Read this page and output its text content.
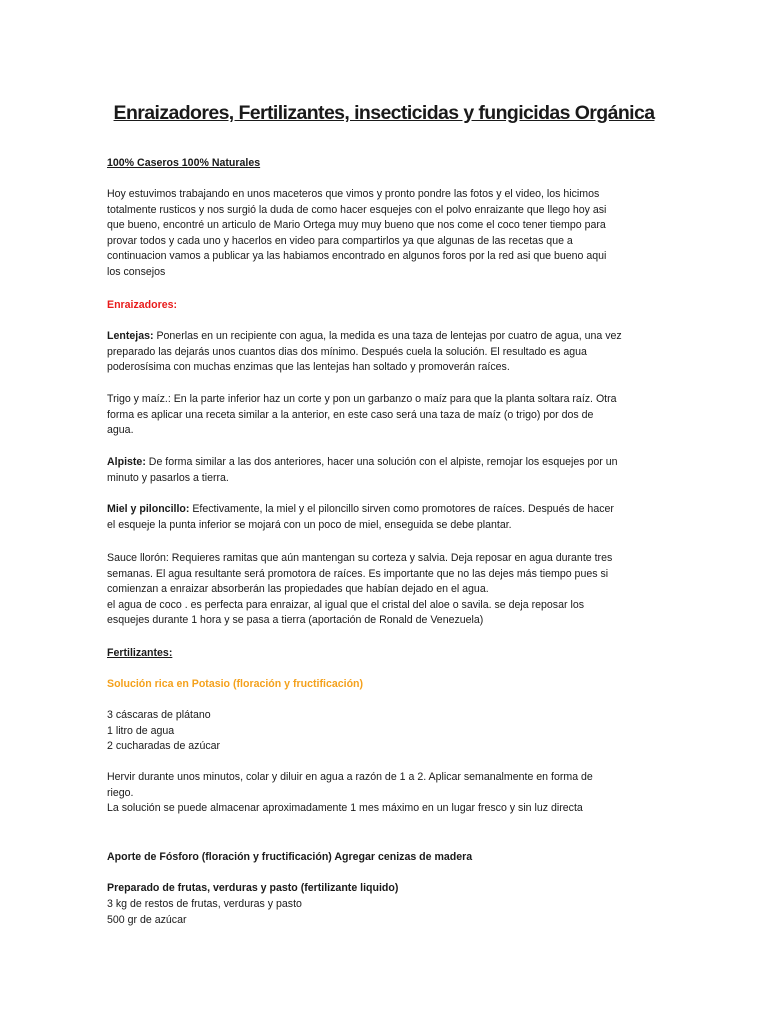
Enraizadores, Fertilizantes, insecticidas y fungicidas Orgánica
100% Caseros 100% Naturales
Hoy estuvimos trabajando en unos maceteros que vimos y pronto pondre las fotos y el video, los hicimos
totalmente rusticos y nos surgió la duda de como hacer esquejes con el polvo enraizante que llego hoy asi
que bueno, encontré un articulo de Mario Ortega muy muy bueno que nos come el coco tener tiempo para
provar todos y cada uno y hacerlos en video para compartirlos ya que algunas de las recetas que a
continuacion vamos a publicar ya las habiamos encontrado en algunos foros por la red asi que bueno aqui
los consejos
Enraizadores:
Lentejas: Ponerlas en un recipiente con agua, la medida es una taza de lentejas por cuatro de agua, una vez
preparado las dejarás unos cuantos dias dos mínimo. Después cuela la solución. El resultado es agua
poderosísima con muchas enzimas que las lentejas han soltado y promoverán raíces.
Trigo y maíz.: En la parte inferior haz un corte y pon un garbanzo o maíz para que la planta soltara raíz. Otra
forma es aplicar una receta similar a la anterior, en este caso será una taza de maíz (o trigo) por dos de
agua.
Alpiste: De forma similar a las dos anteriores, hacer una solución con el alpiste, remojar los esquejes por un
minuto y pasarlos a tierra.
Miel y piloncillo: Efectivamente, la miel y el piloncillo sirven como promotores de raíces. Después de hacer
el esqueje la punta inferior se mojará con un poco de miel, enseguida se debe plantar.
Sauce llorón: Requieres ramitas que aún mantengan su corteza y salvia. Deja reposar en agua durante tres
semanas. El agua resultante será promotora de raíces. Es importante que no las dejes más tiempo pues si
comienzan a enraizar absorberán las propiedades que habían dejado en el agua.
el agua de coco . es perfecta para enraizar, al igual que el cristal del aloe o savila. se deja reposar los
esquejes durante 1 hora y se pasa a tierra (aportación de Ronald de Venezuela)
Fertilizantes:
Solución rica en Potasio (floración y fructificación)
3 cáscaras de plátano
1 litro de agua
2 cucharadas de azúcar
Hervir durante unos minutos, colar y diluir en agua a razón de 1 a 2. Aplicar semanalmente en forma de
riego.
La solución se puede almacenar aproximadamente 1 mes máximo en un lugar fresco y sin luz directa
Aporte de Fósforo (floración y fructificación) Agregar cenizas de madera
Preparado de frutas, verduras y pasto (fertilizante liquido)
3 kg de restos de frutas, verduras y pasto
500 gr de azúcar
